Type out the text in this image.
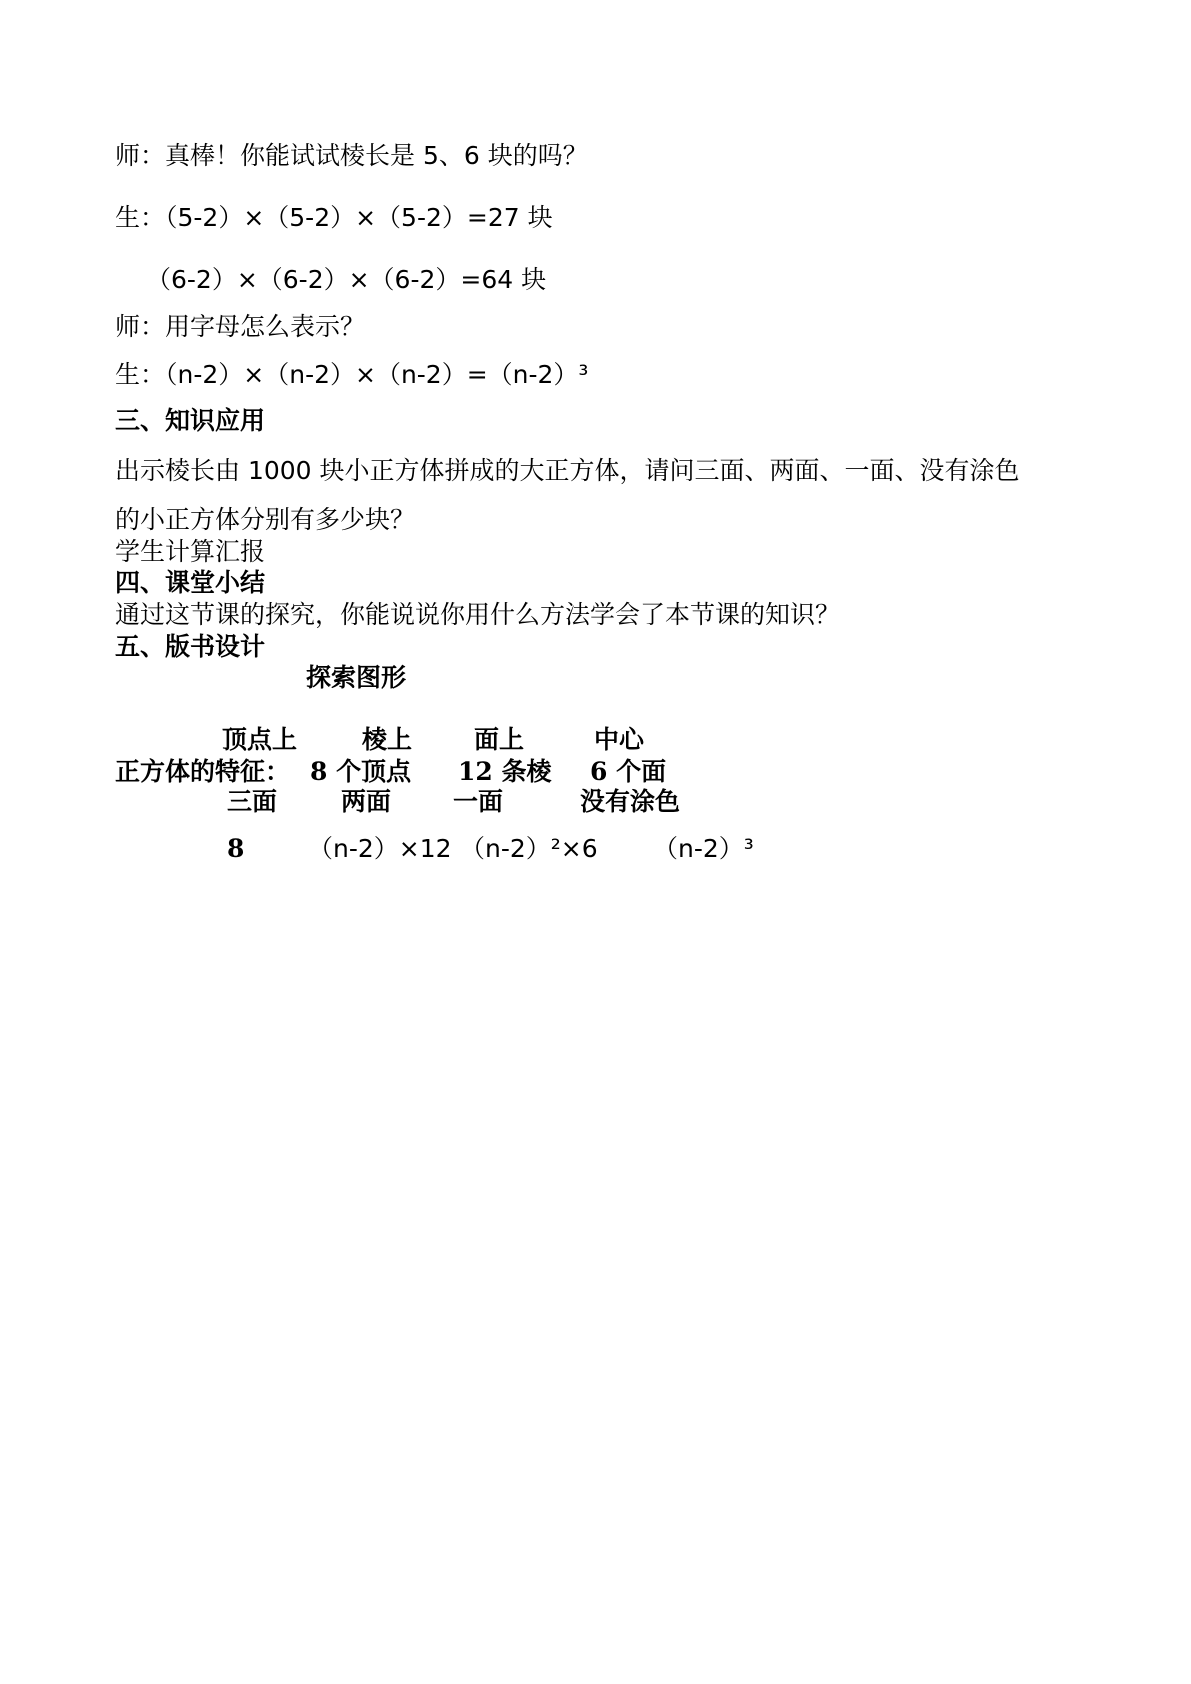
师：真棒！你能试试棱长是 5、6 块的吗？
生：（5-2）×（5-2）×（5-2）=27 块
（6-2）×（6-2）×（6-2）=64 块
师：用字母怎么表示？
生：（n-2）×（n-2）×（n-2）=（n-2）³
三、知识应用
出示棱长由 1000 块小正方体拼成的大正方体，请问三面、两面、一面、没有涂色
的小正方体分别有多少块？
学生计算汇报
四、课堂小结
通过这节课的探究，你能说说你用什么方法学会了本节课的知识？
五、版书设计
探索图形
顶点上	棱上 面上	中心
正方体的特征： 8 个顶点 12 条棱 6 个面
三面	两面 一面	没有涂色
8	（n-2）×12 （n-2）²×6 （n-2）³
